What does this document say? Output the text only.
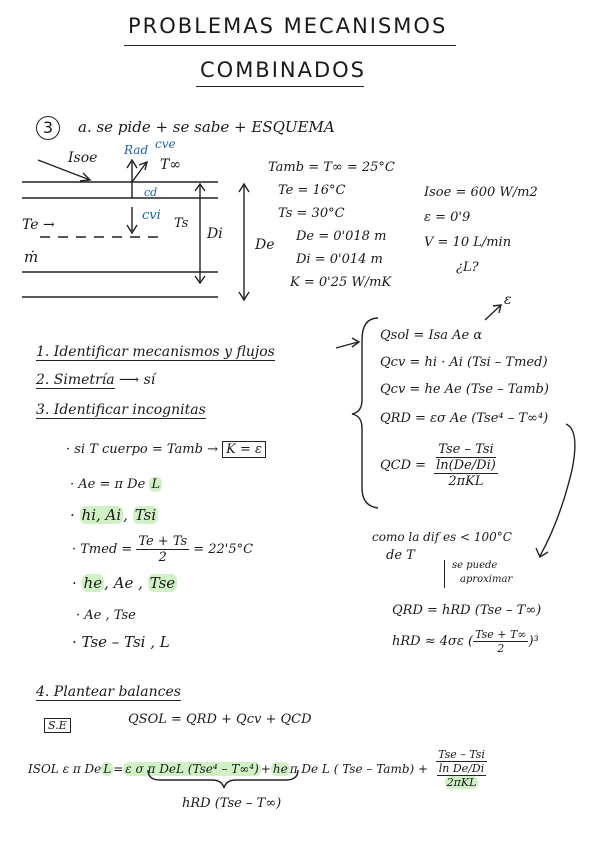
PROBLEMAS MECANISMOS
COMBINADOS
3	a. se pide + se sabe + ESQUEMA
Isoe Rad cve
T∞
cd
cvi
Ts
Te →
ṁ
Di
De
Tamb = T∞ = 25°C
Te = 16°C
Ts = 30°C
De = 0'018 m
Di = 0'014 m
K = 0'25 W/mK
Isoe = 600 W/m2
ε = 0'9
V = 10 L/min
¿L?
1. Identificar mecanismos y flujos
2. Simetría ⟶ sí
3. Identificar incognitas
· si T cuerpo = Tamb → K = ε
· Ae = π De L
· hi, Ai , Tsi
· Tmed = $\frac{Te + Ts}{2} = 22'5^\circ C$
· he , Ae , Tse
· Ae , Tse
· Tse – Tsi , L
ε
Qsol = Isa Ae α
Qcv = hi · Ai (Tsi – Tmed)
Qcv = he Ae (Tse – Tamb)
QRD = εσ Ae (Tse⁴ – T∞⁴)
QCD =
Tse – Tsi
ln(De/Di)
2πKL
como la dif es < 100°C
de T
se puede
aproximar
QRD = hRD (Tse – T∞)
hRD ≈ 4σε ( $\frac{\text{Tse + T∞}}{2} )^3$
4. Plantear balances
S.E	QSOL = QRD + Qcv + QCD
ISOL ε π De L = ε σ π DeL (Tse⁴ – T∞⁴) + he π De L ( Tse – Tamb) +
Tse – Tsi
ln De/Di
2πKL
hRD (Tse – T∞)
